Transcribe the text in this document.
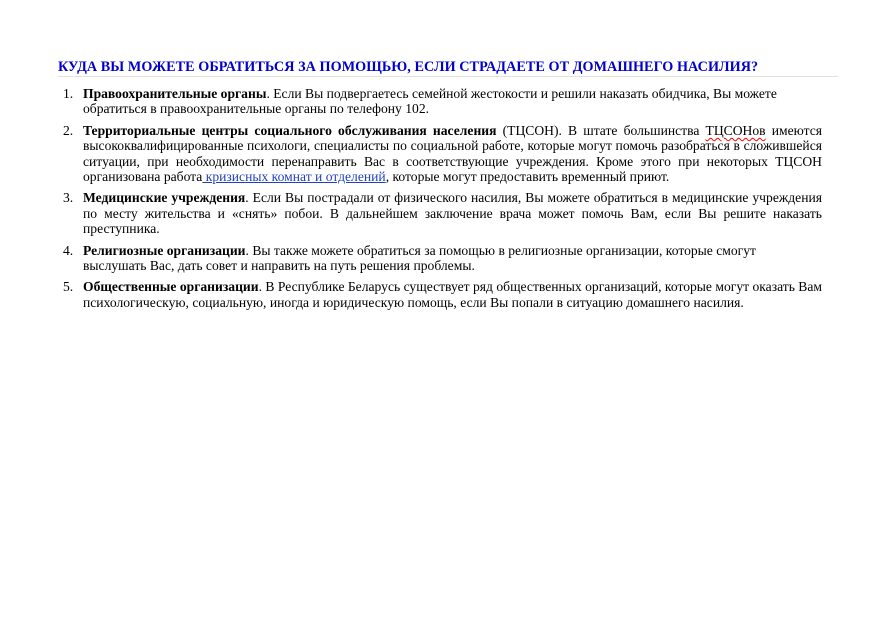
КУДА ВЫ МОЖЕТЕ ОБРАТИТЬСЯ ЗА ПОМОЩЬЮ, ЕСЛИ СТРАДАЕТЕ ОТ ДОМАШНЕГО НАСИЛИЯ?
1. Правоохранительные органы. Если Вы подвергаетесь семейной жестокости и решили наказать обидчика, Вы можете обратиться в правоохранительные органы по телефону 102.
2. Территориальные центры социального обслуживания населения (ТЦСОН). В штате большинства ТЦСОНов имеются высококвалифицированные психологи, специалисты по социальной работе, которые могут помочь разобраться в сложившейся ситуации, при необходимости перенаправить Вас в соответствующие учреждения. Кроме этого при некоторых ТЦСОН организована работа кризисных комнат и отделений, которые могут предоставить временный приют.
3. Медицинские учреждения. Если Вы пострадали от физического насилия, Вы можете обратиться в медицинские учреждения по месту жительства и «снять» побои. В дальнейшем заключение врача может помочь Вам, если Вы решите наказать преступника.
4. Религиозные организации. Вы также можете обратиться за помощью в религиозные организации, которые смогут выслушать Вас, дать совет и направить на путь решения проблемы.
5. Общественные организации. В Республике Беларусь существует ряд общественных организаций, которые могут оказать Вам психологическую, социальную, иногда и юридическую помощь, если Вы попали в ситуацию домашнего насилия.
